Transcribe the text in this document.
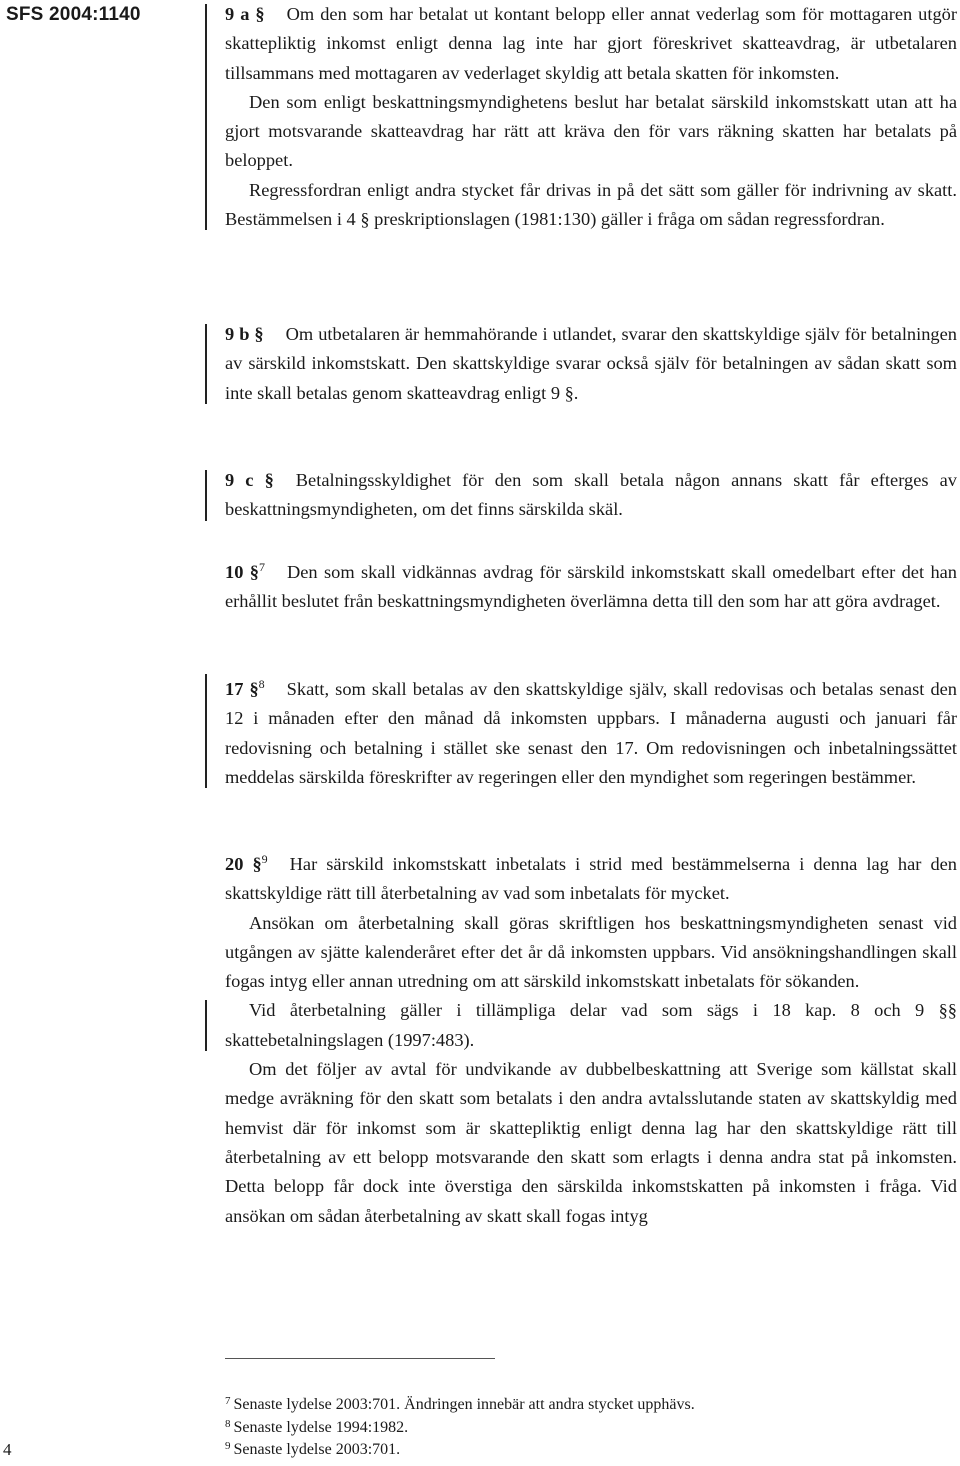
SFS 2004:1140
4

9 a § Om den som har betalat ut kontant belopp eller annat vederlag som för mottagaren utgör skattepliktig inkomst enligt denna lag inte har gjort föreskrivet skatteavdrag, är utbetalaren tillsammans med mottagaren av vederlaget skyldig att betala skatten för inkomsten.

Den som enligt beskattningsmyndighetens beslut har betalat särskild inkomstskatt utan att ha gjort motsvarande skatteavdrag har rätt att kräva den för vars räkning skatten har betalats på beloppet.

Regressfordran enligt andra stycket får drivas in på det sätt som gäller för indrivning av skatt. Bestämmelsen i 4 § preskriptionslagen (1981:130) gäller i fråga om sådan regressfordran.

9 b § Om utbetalaren är hemmahörande i utlandet, svarar den skattskyldige själv för betalningen av särskild inkomstskatt. Den skattskyldige svarar också själv för betalningen av sådan skatt som inte skall betalas genom skatteavdrag enligt 9 §.

9 c § Betalningsskyldighet för den som skall betala någon annans skatt får efterges av beskattningsmyndigheten, om det finns särskilda skäl.

10 §$^7$ Den som skall vidkännas avdrag för särskild inkomstskatt skall omedelbart efter det han erhållit beslutet från beskattningsmyndigheten överlämna detta till den som har att göra avdraget.

17 §$^8$ Skatt, som skall betalas av den skattskyldige själv, skall redovisas och betalas senast den 12 i månaden efter den månad då inkomsten uppbars. I månaderna augusti och januari får redovisning och betalning i stället ske senast den 17. Om redovisningen och inbetalningssättet meddelas särskilda föreskrifter av regeringen eller den myndighet som regeringen bestämmer.

20 §$^9$ Har särskild inkomstskatt inbetalats i strid med bestämmelserna i denna lag har den skattskyldige rätt till återbetalning av vad som inbetalats för mycket.

Ansökan om återbetalning skall göras skriftligen hos beskattningsmyndigheten senast vid utgången av sjätte kalenderåret efter det år då inkomsten uppbars. Vid ansökningshandlingen skall fogas intyg eller annan utredning om att särskild inkomstskatt inbetalats för sökanden.

Vid återbetalning gäller i tillämpliga delar vad som sägs i 18 kap. 8 och 9 §§ skattebetalningslagen (1997:483).

Om det följer av avtal för undvikande av dubbelbeskattning att Sverige som källstat skall medge avräkning för den skatt som betalats i den andra avtalsslutande staten av skattskyldig med hemvist där för inkomst som är skattepliktig enligt denna lag har den skattskyldige rätt till återbetalning av ett belopp motsvarande den skatt som erlagts i denna andra stat på inkomsten. Detta belopp får dock inte överstiga den särskilda inkomstskatten på inkomsten i fråga. Vid ansökan om sådan återbetalning av skatt skall fogas intyg

$^7$ Senaste lydelse 2003:701. Ändringen innebär att andra stycket upphävs.

$^8$ Senaste lydelse 1994:1982.

$^9$ Senaste lydelse 2003:701.
